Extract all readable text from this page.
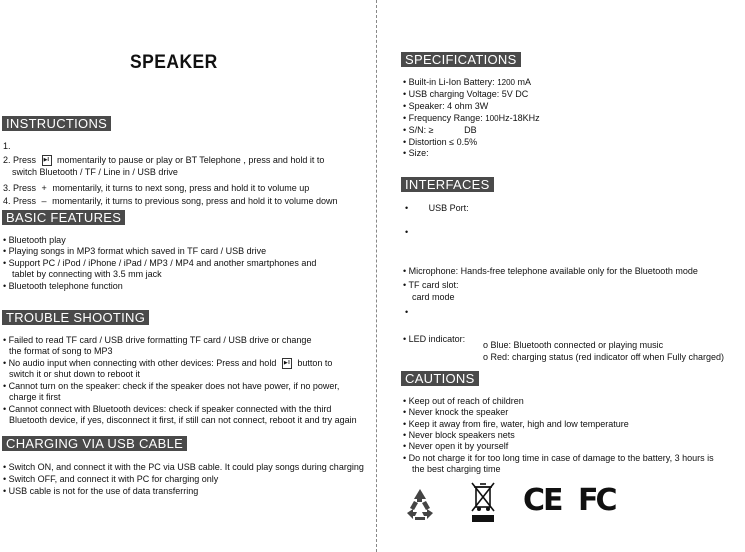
SPEAKER
INSTRUCTIONS
1.
2. Press ▶‖ momentarily to pause or play or BT Telephone , press and hold it to
switch Bluetooth / TF / Line in / USB drive
3. Press + momentarily, it turns to next song, press and hold it to volume up
4. Press – momentarily, it turns to previous song, press and hold it to volume down
BASIC FEATURES
• Bluetooth play
• Playing songs in MP3 format which saved in TF card / USB drive
• Support PC / iPod / iPhone / iPad / MP3 / MP4 and another smartphones and
tablet by connecting with 3.5 mm jack
• Bluetooth telephone function
TROUBLE SHOOTING
• Failed to read TF card / USB drive formatting TF card / USB drive or change
the format of song to MP3
• No audio input when connecting with other devices: Press and hold ▶‖ button to
switch it or shut down to reboot it
• Cannot turn on the speaker: check if the speaker does not have power, if no power,
charge it first
• Cannot connect with Bluetooth devices: check if speaker connected with the third
Bluetooth device, if yes, disconnect it first, if still can not connect, reboot it and try again
CHARGING VIA USB CABLE
• Switch ON, and connect it with the PC via USB cable. It could play songs during charging
• Switch OFF, and connect it with PC for charging only
• USB cable is not for the use of data transferring
SPECIFICATIONS
• Built-in Li-Ion Battery: 1200 mA
• USB charging Voltage: 5V DC
• Speaker: 4 ohm 3W
• Frequency Range: 100Hz-18KHz
• S/N: ≥	DB
• Distortion ≤ 0.5%
• Size:
INTERFACES
• USB Port:
•
• Microphone: Hands-free telephone available only for the Bluetooth mode
• TF card slot:
card mode
•
• LED indicator:
o Blue: Bluetooth connected or playing music
o Red: charging status (red indicator off when Fully charged)
CAUTIONS
• Keep out of reach of children
• Never knock the speaker
• Keep it away from fire, water, high and low temperature
• Never block speakers nets
• Never open it by yourself
• Do not charge it for too long time in case of damage to the battery, 3 hours is
the best charging time
CE FC
